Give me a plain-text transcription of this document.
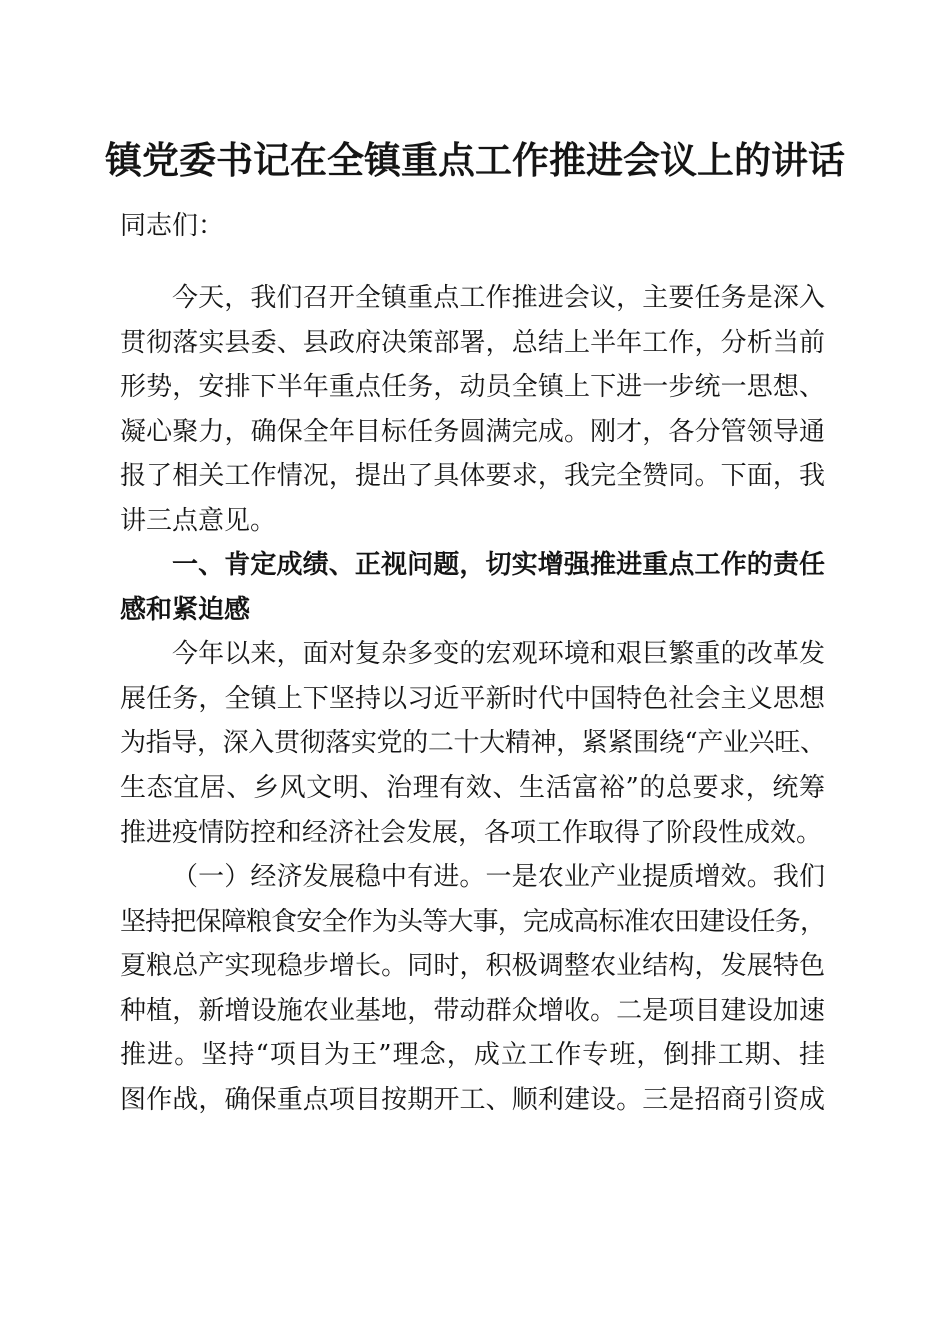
镇党委书记在全镇重点工作推进会议上的讲话
同志们：
今天，我们召开全镇重点工作推进会议，主要任务是深入
贯彻落实县委、县政府决策部署，总结上半年工作，分析当前
形势，安排下半年重点任务，动员全镇上下进一步统一思想、
凝心聚力，确保全年目标任务圆满完成。刚才，各分管领导通
报了相关工作情况，提出了具体要求，我完全赞同。下面，我
讲三点意见。
一、肯定成绩、正视问题，切实增强推进重点工作的责任
感和紧迫感
今年以来，面对复杂多变的宏观环境和艰巨繁重的改革发
展任务，全镇上下坚持以习近平新时代中国特色社会主义思想
为指导，深入贯彻落实党的二十大精神，紧紧围绕“产业兴旺、
生态宜居、乡风文明、治理有效、生活富裕”的总要求，统筹
推进疫情防控和经济社会发展，各项工作取得了阶段性成效。
（一）经济发展稳中有进。一是农业产业提质增效。我们
坚持把保障粮食安全作为头等大事，完成高标准农田建设任务，
夏粮总产实现稳步增长。同时，积极调整农业结构，发展特色
种植，新增设施农业基地，带动群众增收。二是项目建设加速
推进。坚持“项目为王”理念，成立工作专班，倒排工期、挂
图作战，确保重点项目按期开工、顺利建设。三是招商引资成
